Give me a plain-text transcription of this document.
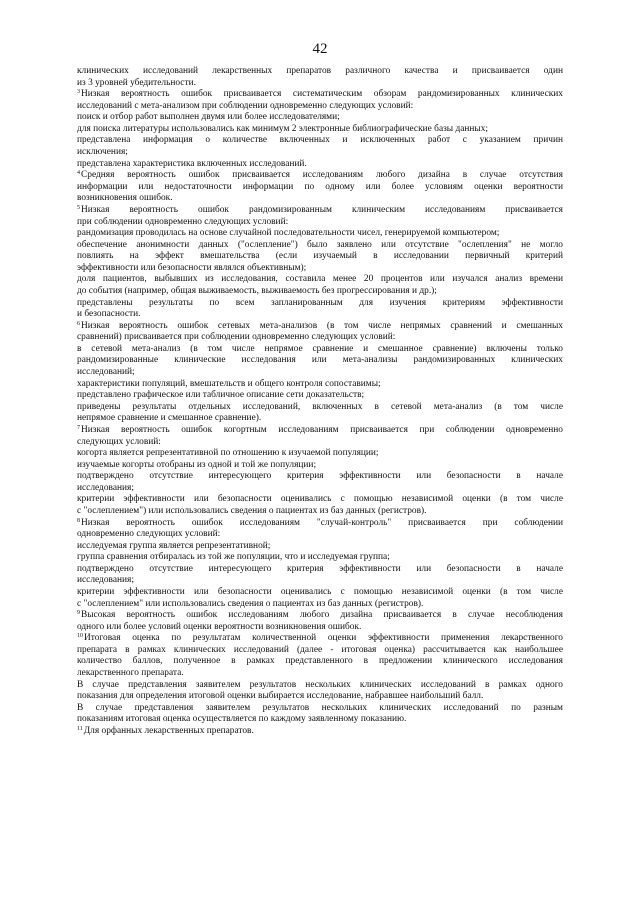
42
клинических исследований лекарственных препаратов различного качества и присваивается один
из 3 уровней убедительности.
$^3$Низкая вероятность ошибок присваивается систематическим обзорам рандомизированных клинических
исследований с мета-анализом при соблюдении одновременно следующих условий:
поиск и отбор работ выполнен двумя или более исследователями;
для поиска литературы использовались как минимум 2 электронные библиографические базы данных;
представлена информация о количестве включенных и исключенных работ с указанием причин
исключения;
представлена характеристика включенных исследований.
$^4$Средняя вероятность ошибок присваивается исследованиям любого дизайна в случае отсутствия
информации или недостаточности информации по одному или более условиям оценки вероятности
возникновения ошибок.
$^5$Низкая вероятность ошибок рандомизированным клиническим исследованиям присваивается
при соблюдении одновременно следующих условий:
рандомизация проводилась на основе случайной последовательности чисел, генерируемой компьютером;
обеспечение анонимности данных ("ослепление") было заявлено или отсутствие "ослепления" не могло
повлиять на эффект вмешательства (если изучаемый в исследовании первичный критерий
эффективности или безопасности являлся объективным);
доля пациентов, выбывших из исследования, составила менее 20 процентов или изучался анализ времени
до события (например, общая выживаемость, выживаемость без прогрессирования и др.);
представлены результаты по всем запланированным для изучения критериям эффективности
и безопасности.
$^6$Низкая вероятность ошибок сетевых мета-анализов (в том числе непрямых сравнений и смешанных
сравнений) присваивается при соблюдении одновременно следующих условий:
в сетевой мета-анализ (в том числе непрямое сравнение и смешанное сравнение) включены только
рандомизированные клинические исследования или мета-анализы рандомизированных клинических
исследований;
характеристики популяций, вмешательств и общего контроля сопоставимы;
представлено графическое или табличное описание сети доказательств;
приведены результаты отдельных исследований, включенных в сетевой мета-анализ (в том числе
непрямое сравнение и смешанное сравнение).
$^7$Низкая вероятность ошибок когортным исследованиям присваивается при соблюдении одновременно
следующих условий:
когорта является репрезентативной по отношению к изучаемой популяции;
изучаемые когорты отобраны из одной и той же популяции;
подтверждено отсутствие интересующего критерия эффективности или безопасности в начале
исследования;
критерии эффективности или безопасности оценивались с помощью независимой оценки (в том числе
с "ослеплением") или использовались сведения о пациентах из баз данных (регистров).
$^8$Низкая вероятность ошибок исследованиям "случай-контроль" присваивается при соблюдении
одновременно следующих условий:
исследуемая группа является репрезентативной;
группа сравнения отбиралась из той же популяции, что и исследуемая группа;
подтверждено отсутствие интересующего критерия эффективности или безопасности в начале
исследования;
критерии эффективности или безопасности оценивались с помощью независимой оценки (в том числе
с "ослеплением" или использовались сведения о пациентах из баз данных (регистров).
$^9$Высокая вероятность ошибок исследованиям любого дизайна присваивается в случае несоблюдения
одного или более условий оценки вероятности возникновения ошибок.
$^{10}$Итоговая оценка по результатам количественной оценки эффективности применения лекарственного
препарата в рамках клинических исследований (далее - итоговая оценка) рассчитывается как наибольшее
количество баллов, полученное в рамках представленного в предложении клинического исследования
лекарственного препарата.
В случае представления заявителем результатов нескольких клинических исследований в рамках одного
показания для определения итоговой оценки выбирается исследование, набравшее наибольший балл.
В случае представления заявителем результатов нескольких клинических исследований по разным
показаниям итоговая оценка осуществляется по каждому заявленному показанию.
$^{11}$Для орфанных лекарственных препаратов.
